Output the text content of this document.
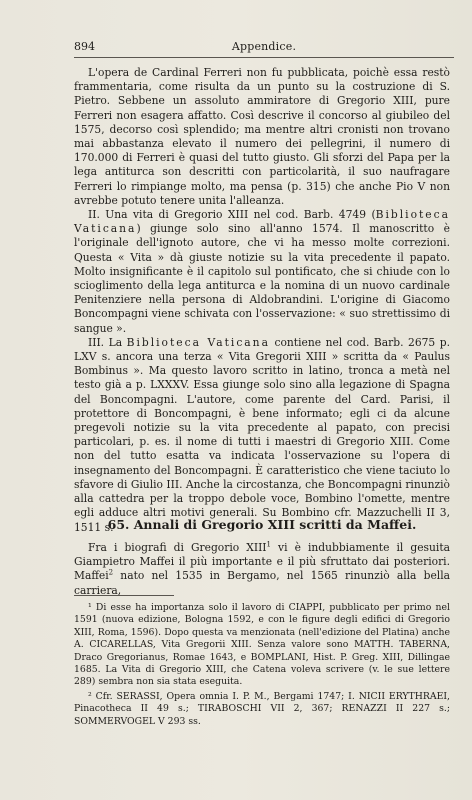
894	Appendice.

L'opera de Cardinal Ferreri non fu pubblicata, poichè essa restò frammentaria, come risulta da un punto su la costruzione di S. Pietro. Sebbene un assoluto ammiratore di Gregorio XIII, pure Ferreri non esagera affatto. Così descrive il concorso al giubileo del 1575, decorso così splendido; ma mentre altri cronisti non trovano mai abbastanza elevato il numero dei pellegrini, il numero di 170.000 di Ferreri è quasi del tutto giusto. Gli sforzi del Papa per la lega antiturca son descritti con particolarità, il suo naufragare Ferreri lo rimpiange molto, ma pensa (p. 315) che anche Pio V non avrebbe potuto tenere unita l'alleanza.

II. Una vita di Gregorio XIII nel cod. Barb. 4749 (Biblioteca Vaticana) giunge solo sino all'anno 1574. Il manoscritto è l'originale dell'ignoto autore, che vi ha messo molte correzioni. Questa « Vita » dà giuste notizie su la vita precedente il papato. Molto insignificante è il capitolo sul pontificato, che si chiude con lo scioglimento della lega antiturca e la nomina di un nuovo cardinale Penitenziere nella persona di Aldobrandini. L'origine di Giacomo Boncompagni viene schivata con l'osservazione: « suo strettissimo di sangue ».

III. La Biblioteca Vaticana contiene nel cod. Barb. 2675 p. LXV s. ancora una terza « Vita Gregorii XIII » scritta da « Paulus Bombinus ». Ma questo lavoro scritto in latino, tronca a metà nel testo già a p. LXXXV. Essa giunge solo sino alla legazione di Spagna del Boncompagni. L'autore, come parente del Card. Parisi, il protettore di Boncompagni, è bene informato; egli ci da alcune pregevoli notizie su la vita precedente al papato, con precisi particolari, p. es. il nome di tutti i maestri di Gregorio XIII. Come non del tutto esatta va indicata l'osservazione su l'opera di insegnamento del Boncompagni. È caratteristico che viene taciuto lo sfavore di Giulio III. Anche la circostanza, che Boncompagni rinunziò alla cattedra per la troppo debole voce, Bombino l'omette, mentre egli adduce altri motivi generali. Su Bombino cfr. Mazzuchelli II 3, 1511 s.

65. Annali di Gregorio XIII scritti da Maffei.

Fra i biografi di Gregorio XIII$^1$ vi è indubbiamente il gesuita Giampietro Maffei il più importante e il più sfruttato dai posteriori. Maffei$^2$ nato nel 1535 in Bergamo, nel 1565 rinunziò alla bella carriera,

¹ Di esse ha importanza solo il lavoro di CIAPPI, pubblicato per primo nel 1591 (nuova edizione, Bologna 1592, e con le figure degli edifici di Gregorio XIII, Roma, 1596). Dopo questa va menzionata (nell'edizione del Platina) anche A. CICARELLAS, Vita Gregorii XIII. Senza valore sono MATTH. TABERNA, Draco Gregorianus, Romae 1643, e BOMPLANI, Hist. P. Greg. XIII, Dillingae 1685. La Vita di Gregorio XIII, che Catena voleva scrivere (v. le sue lettere 289) sembra non sia stata eseguita.

² Cfr. SERASSI, Opera omnia I. P. M., Bergami 1747; I. NICII ERYTHRAEI, Pinacotheca II 49 s.; TIRABOSCHI VII 2, 367; RENAZZI II 227 s.; SOMMERVOGEL V 293 ss.
